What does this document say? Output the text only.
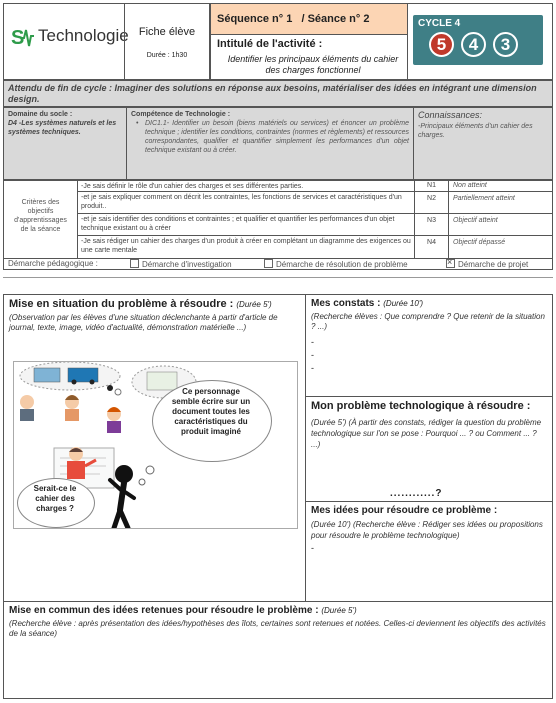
S Technologie Fiche élève
Durée : 1h30
Séquence n° 1   / Séance n° 2
Intitulé de l'activité :
Identifier les principaux éléments du cahier des charges fonctionnel
CYCLE 4
5	4	3
Attendu de fin de cycle : Imaginer des solutions en réponse aux besoins, matérialiser des idées en intégrant une dimension design.
Domaine du socle :
D4 -Les systèmes naturels et les systèmes techniques.
Compétence de Technologie :
• DIC1.1- Identifier un besoin (biens matériels ou services) et énoncer un problème technique ; identifier les conditions, contraintes (normes et règlements) et ressources correspondantes, qualifier et quantifier simplement les performances d'un objet technique existant ou à créer.
Connaissances:
-Principaux éléments d'un cahier des charges.
Critères des objectifs d'apprentissages de la séance
-Je sais définir le rôle d'un cahier des charges et ses différentes parties.
-et je sais expliquer comment on décrit les contraintes, les fonctions de services et caractéristiques d'un produit..
-et je sais identifier des conditions et contraintes ; et qualifier et quantifier les performances d'un objet technique existant ou à créer
-Je sais rédiger un cahier des charges d'un produit à créer en complétant un diagramme des exigences ou une carte mentale
N1
N2
N3
N4
Non atteint
Partiellement atteint
Objectif atteint
Objectif dépassé
Démarche pédagogique :	Démarche d'investigation	Démarche de résolution de problème
×	Démarche de projet
Mise en situation du problème à résoudre : (Durée 5')
(Observation par les élèves d'une situation déclenchante à partir d'article de journal, texte, image, vidéo d'actualité, démonstration matérielle ...)
Ce personnage semble écrire sur un document toutes les caractéristiques du produit imaginé
Serait-ce le cahier des charges ?
Mes constats : (Durée 10')
(Recherche élèves : Que comprendre ? Que retenir de la situation ? ...)
-
-
-
Mon problème technologique à résoudre :
(Durée 5') (À partir des constats, rédiger la question du problème technologique sur l'on se pose : Pourquoi ... ? ou Comment ... ? ...)
............?
Mes idées pour résoudre ce problème :
(Durée 10') (Recherche élève : Rédiger ses idées ou propositions pour résoudre le problème technologique)
-
Mise en commun des idées retenues pour résoudre le problème : (Durée 5')
(Recherche élève : après présentation des idées/hypothèses des îlots, certaines sont retenues et notées. Celles-ci deviennent les objectifs des activités de la séance)
